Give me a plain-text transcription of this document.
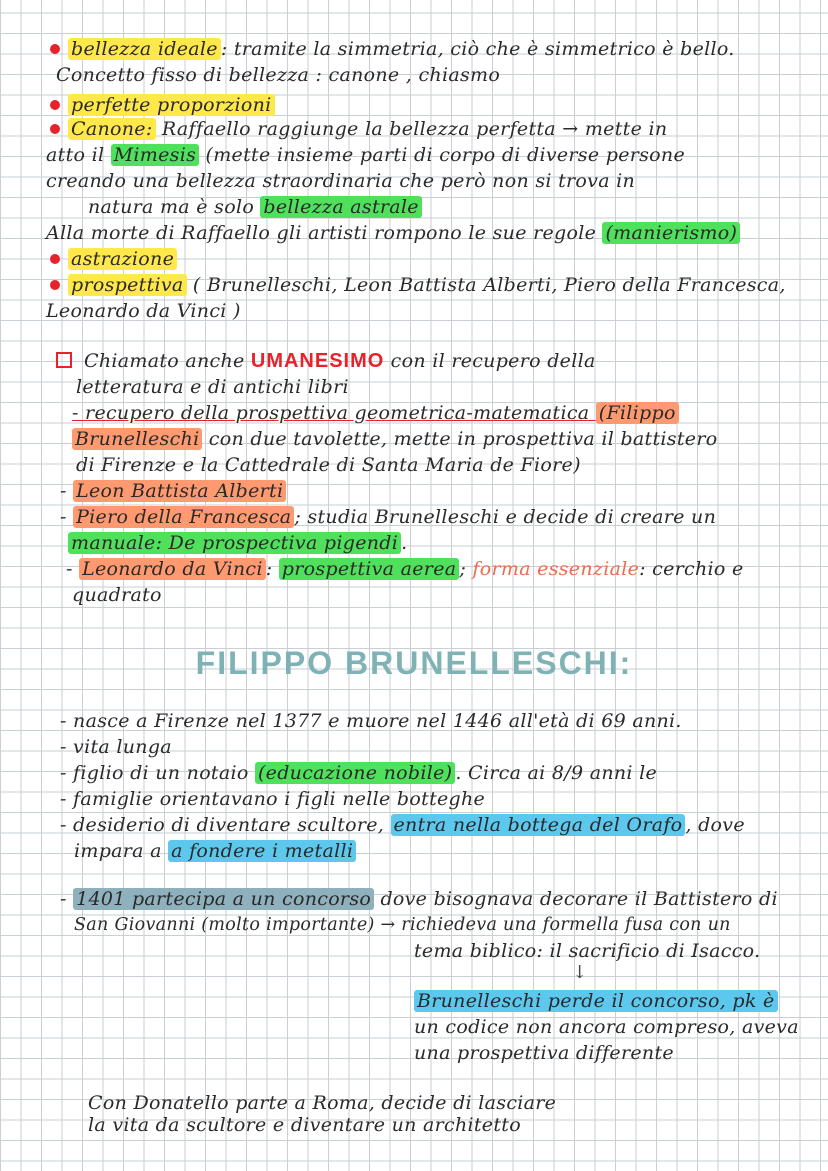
bellezza ideale : tramite la simmetria, ciò che è simmetrico è bello.
Concetto fisso di bellezza : canone , chiasmo
perfette proporzioni
Canone: Raffaello raggiunge la bellezza perfetta → mette in
atto il Mimesis (mette insieme parti di corpo di diverse persone
creando una bellezza straordinaria che però non si trova in
natura ma è solo bellezza astrale
Alla morte di Raffaello gli artisti rompono le sue regole (manierismo)
astrazione
prospettiva ( Brunelleschi, Leon Battista Alberti, Piero della Francesca,
Leonardo da Vinci )
Chiamato anche UMANESIMO con il recupero della
letteratura e di antichi libri
- recupero della prospettiva geometrica-matematica (Filippo
Brunelleschi con due tavolette, mette in prospettiva il battistero
di Firenze e la Cattedrale di Santa Maria de Fiore)
- Leon Battista Alberti
- Piero della Francesca ; studia Brunelleschi e decide di creare un
manuale: De prospectiva pigendi .
- Leonardo da Vinci : prospettiva aerea ; forma essenziale: cerchio e
quadrato
FILIPPO BRUNELLESCHI:
- nasce a Firenze nel 1377 e muore nel 1446 all'età di 69 anni.
- vita lunga
- figlio di un notaio (educazione nobile) . Circa ai 8/9 anni le
- famiglie orientavano i figli nelle botteghe
- desiderio di diventare scultore, entra nella bottega del Orafo , dove
impara a a fondere i metalli
- 1401 partecipa a un concorso dove bisognava decorare il Battistero di
San Giovanni (molto importante) → richiedeva una formella fusa con un
tema biblico: il sacrificio di Isacco.
↓
Brunelleschi perde il concorso, pk è
un codice non ancora compreso, aveva
una prospettiva differente
Con Donatello parte a Roma, decide di lasciare
la vita da scultore e diventare un architetto
